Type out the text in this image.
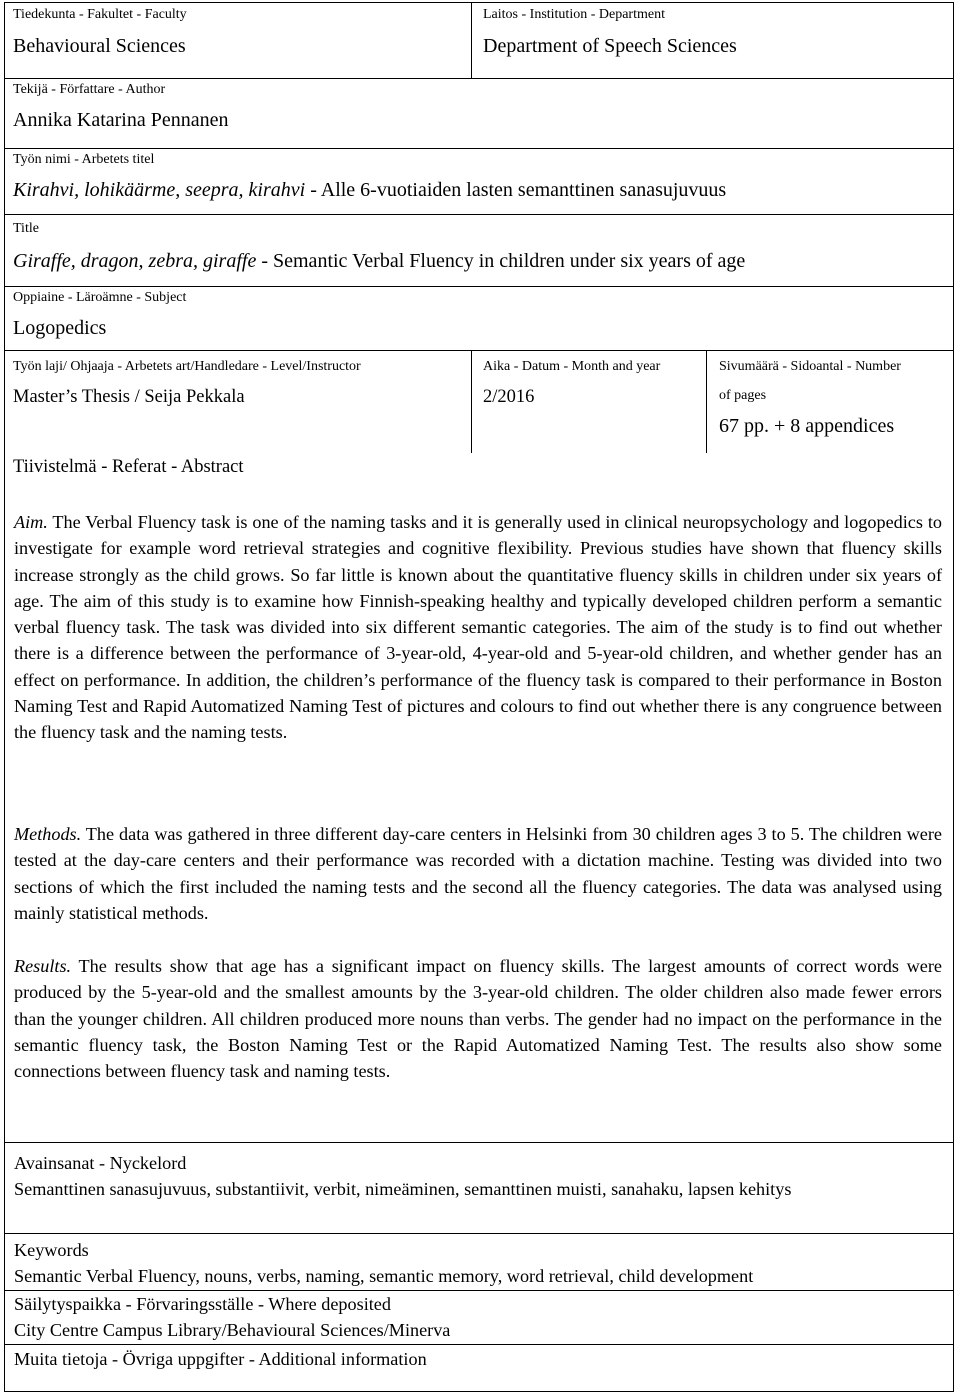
Tiedekunta - Fakultet - Faculty
Behavioural Sciences
Laitos - Institution - Department
Department of Speech Sciences
Tekijä - Författare - Author
Annika Katarina Pennanen
Työn nimi - Arbetets titel
Kirahvi, lohikäärme, seepra, kirahvi - Alle 6-vuotiaiden lasten semanttinen sanasujuvuus
Title
Giraffe, dragon, zebra, giraffe - Semantic Verbal Fluency in children under six years of age
Oppiaine - Läroämne - Subject
Logopedics
Työn laji/ Ohjaaja - Arbetets art/Handledare - Level/Instructor
Master’s Thesis / Seija Pekkala
Aika - Datum - Month and year
2/2016
Sivumäärä - Sidoantal - Number
of pages
67 pp. + 8 appendices
Tiivistelmä - Referat - Abstract
Aim. The Verbal Fluency task is one of the naming tasks and it is generally used in clinical neuropsychology and logopedics to investigate for example word retrieval strategies and cognitive flexibility. Previous studies have shown that fluency skills increase strongly as the child grows. So far little is known about the quantitative fluency skills in children under six years of age. The aim of this study is to examine how Finnish-speaking healthy and typically developed children perform a semantic verbal fluency task. The task was divided into six different semantic categories. The aim of the study is to find out whether there is a difference between the performance of 3-year-old, 4-year-old and 5-year-old children, and whether gender has an effect on performance. In addition, the children’s performance of the fluency task is compared to their performance in Boston Naming Test and Rapid Automatized Naming Test of pictures and colours to find out whether there is any congruence between the fluency task and the naming tests.
Methods. The data was gathered in three different day-care centers in Helsinki from 30 children ages 3 to 5. The children were tested at the day-care centers and their performance was recorded with a dictation machine. Testing was divided into two sections of which the first included the naming tests and the second all the fluency categories. The data was analysed using mainly statistical methods.
Results. The results show that age has a significant impact on fluency skills. The largest amounts of correct words were produced by the 5-year-old and the smallest amounts by the 3-year-old children. The older children also made fewer errors than the younger children. All children produced more nouns than verbs. The gender had no impact on the performance in the semantic fluency task, the Boston Naming Test or the Rapid Automatized Naming Test. The results also show some connections between fluency task and naming tests.
Avainsanat - Nyckelord
Semanttinen sanasujuvuus, substantiivit, verbit, nimeäminen, semanttinen muisti, sanahaku, lapsen kehitys
Keywords
Semantic Verbal Fluency, nouns, verbs, naming, semantic memory, word retrieval, child development
Säilytyspaikka - Förvaringsställe - Where deposited
City Centre Campus Library/Behavioural Sciences/Minerva
Muita tietoja - Övriga uppgifter - Additional information
